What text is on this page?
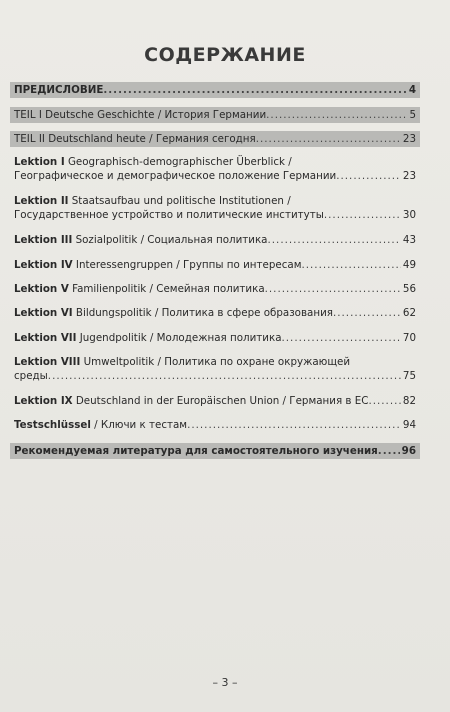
СОДЕРЖАНИЕ
ПРЕДИСЛОВИЕ .....	4
TEIL I Deutsche Geschichte / История Германии .....	5
TEIL II Deutschland heute / Германия сегодня .....	23
Lektion I Geographisch-demographischer Überblick /
Географическое и демографическое положение Германии .....	23
Lektion II Staatsaufbau und politische Institutionen /
Государственное устройство и политические институты .....	30
Lektion III Sozialpolitik / Социальная политика .....	43
Lektion IV Interessengruppen / Группы по интересам .....	49
Lektion V Familienpolitik / Семейная политика .....	56
Lektion VI Bildungspolitik / Политика в сфере образования .....	62
Lektion VII Jugendpolitik / Молодежная политика .....	70
Lektion VIII Umweltpolitik / Политика по охране окружающей
среды .....	75
Lektion IX Deutschland in der Europäischen Union / Германия в ЕС .....	82
Testschlüssel / Ключи к тестам .....	94
Рекомендуемая литература для самостоятельного изучения ..... 96
– 3 –
